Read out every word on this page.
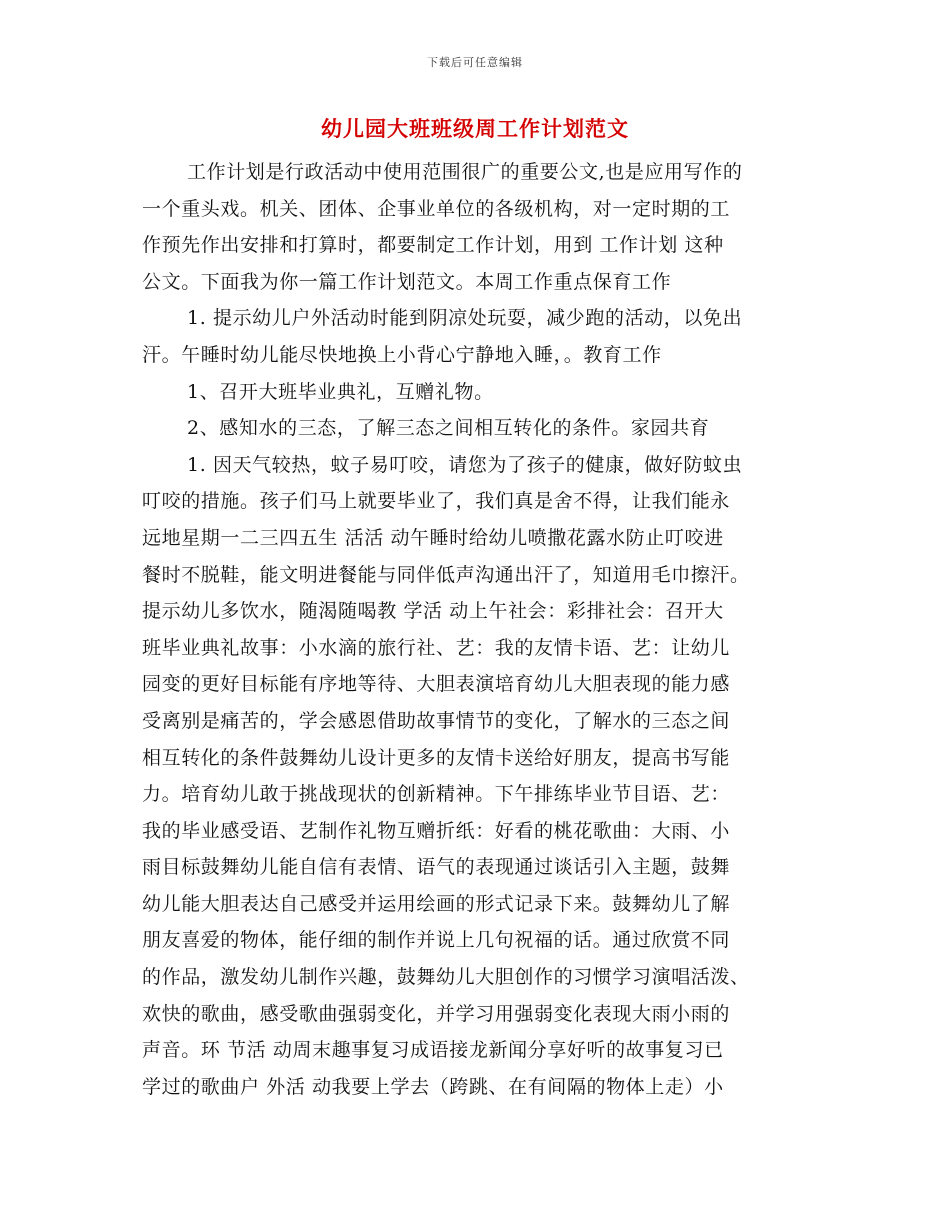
下载后可任意编辑
幼儿园大班班级周工作计划范文
工作计划是行政活动中使用范围很广的重要公文,也是应用写作的
一个重头戏。机关、团体、企事业单位的各级机构，对一定时期的工
作预先作出安排和打算时，都要制定工作计划，用到 工作计划 这种
公文。下面我为你一篇工作计划范文。本周工作重点保育工作
1. 提示幼儿户外活动时能到阴凉处玩耍，减少跑的活动，以免出
汗。午睡时幼儿能尽快地换上小背心宁静地入睡，。教育工作
1、召开大班毕业典礼，互赠礼物。
2、感知水的三态，了解三态之间相互转化的条件。家园共育
1. 因天气较热，蚊子易叮咬，请您为了孩子的健康，做好防蚊虫
叮咬的措施。孩子们马上就要毕业了，我们真是舍不得，让我们能永
远地星期一二三四五生 活活 动午睡时给幼儿喷撒花露水防止叮咬进
餐时不脱鞋，能文明进餐能与同伴低声沟通出汗了，知道用毛巾擦汗。
提示幼儿多饮水，随渴随喝教 学活 动上午社会：彩排社会：召开大
班毕业典礼故事：小水滴的旅行社、艺：我的友情卡语、艺：让幼儿
园变的更好目标能有序地等待、大胆表演培育幼儿大胆表现的能力感
受离别是痛苦的，学会感恩借助故事情节的变化，了解水的三态之间
相互转化的条件鼓舞幼儿设计更多的友情卡送给好朋友，提高书写能
力。培育幼儿敢于挑战现状的创新精神。下午排练毕业节目语、艺：
我的毕业感受语、艺制作礼物互赠折纸：好看的桃花歌曲：大雨、小
雨目标鼓舞幼儿能自信有表情、语气的表现通过谈话引入主题，鼓舞
幼儿能大胆表达自己感受并运用绘画的形式记录下来。鼓舞幼儿了解
朋友喜爱的物体，能仔细的制作并说上几句祝福的话。通过欣赏不同
的作品，激发幼儿制作兴趣，鼓舞幼儿大胆创作的习惯学习演唱活泼、
欢快的歌曲，感受歌曲强弱变化，并学习用强弱变化表现大雨小雨的
声音。环 节活 动周末趣事复习成语接龙新闻分享好听的故事复习已
学过的歌曲户 外活 动我要上学去（跨跳、在有间隔的物体上走）小
